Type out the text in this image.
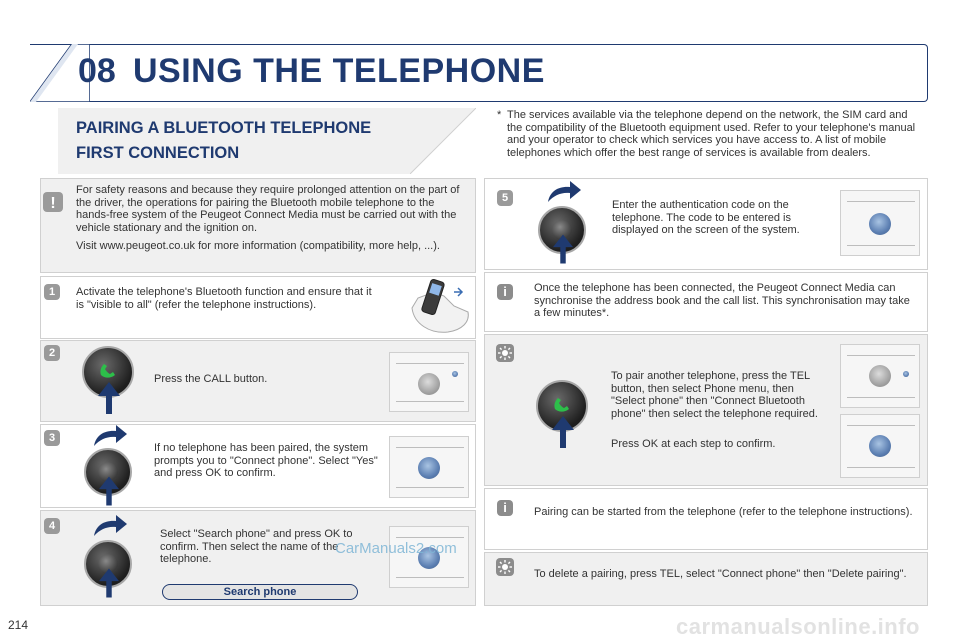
08 USING THE TELEPHONE
PAIRING A BLUETOOTH TELEPHONE
FIRST CONNECTION
* The services available via the telephone depend on the network, the SIM card and the compatibility of the Bluetooth equipment used. Refer to your telephone's manual and your operator to check which services you have access to. A list of mobile telephones which offer the best range of services is available from dealers.
!
For safety reasons and because they require prolonged attention on the part of the driver, the operations for pairing the Bluetooth mobile telephone to the hands-free system of the Peugeot Connect Media must be carried out with the vehicle stationary and the ignition on.
Visit www.peugeot.co.uk for more information (compatibility, more help, ...).
1	Activate the telephone's Bluetooth function and ensure that it is "visible to all" (refer the telephone instructions).
2
Press the CALL button.
3
If no telephone has been paired, the system prompts you to "Connect phone". Select "Yes" and press OK to confirm.
4
Select "Search phone" and press OK to confirm. Then select the name of the telephone.
Search phone
CarManuals2.com
5
Enter the authentication code on the telephone. The code to be entered is displayed on the screen of the system.
i	Once the telephone has been connected, the Peugeot Connect Media can synchronise the address book and the call list. This synchronisation may take a few minutes*.
To pair another telephone, press the TEL button, then select Phone menu, then "Select phone" then "Connect Bluetooth phone" then select the telephone required.
Press OK at each step to confirm.
i	Pairing can be started from the telephone (refer to the telephone instructions).
To delete a pairing, press TEL, select "Connect phone" then "Delete pairing".
214	carmanualsonline.info
